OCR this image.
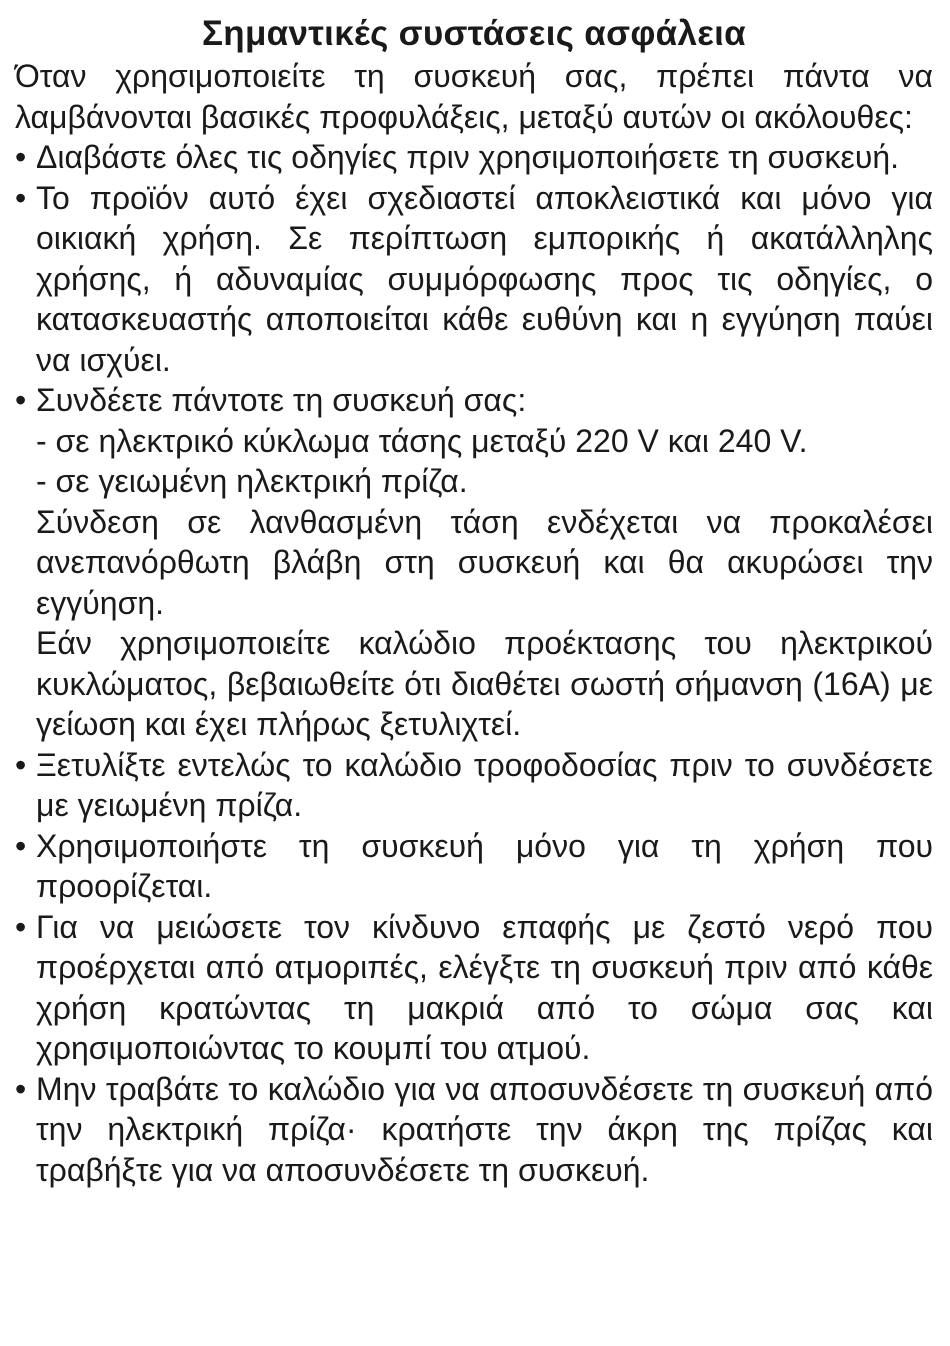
Σημαντικές συστάσεις ασφάλεια

Όταν χρησιμοποιείτε τη συσκευή σας, πρέπει πάντα να λαμβάνονται βασικές προφυλάξεις, μεταξύ αυτών οι ακόλουθες:

• Διαβάστε όλες τις οδηγίες πριν χρησιμοποιήσετε τη συσκευή.
• Το προϊόν αυτό έχει σχεδιαστεί αποκλειστικά και μόνο για οικιακή χρήση. Σε περίπτωση εμπορικής ή ακατάλληλης χρήσης, ή αδυναμίας συμμόρφωσης προς τις οδηγίες, ο κατασκευαστής αποποιείται κάθε ευθύνη και η εγγύηση παύει να ισχύει.
• Συνδέετε πάντοτε τη συσκευή σας:
- σε ηλεκτρικό κύκλωμα τάσης μεταξύ 220 V και 240 V.
- σε γειωμένη ηλεκτρική πρίζα.
Σύνδεση σε λανθασμένη τάση ενδέχεται να προκαλέσει ανεπανόρθωτη βλάβη στη συσκευή και θα ακυρώσει την εγγύηση.
Εάν χρησιμοποιείτε καλώδιο προέκτασης του ηλεκτρικού κυκλώματος, βεβαιωθείτε ότι διαθέτει σωστή σήμανση (16A) με γείωση και έχει πλήρως ξετυλιχτεί.
• Ξετυλίξτε εντελώς το καλώδιο τροφοδοσίας πριν το συνδέσετε με γειωμένη πρίζα.
• Χρησιμοποιήστε τη συσκευή μόνο για τη χρήση που προορίζεται.
• Για να μειώσετε τον κίνδυνο επαφής με ζεστό νερό που προέρχεται από ατμοριπές, ελέγξτε τη συσκευή πριν από κάθε χρήση κρατώντας τη μακριά από το σώμα σας και χρησιμοποιώντας το κουμπί του ατμού.
• Μην τραβάτε το καλώδιο για να αποσυνδέσετε τη συσκευή από την ηλεκτρική πρίζα· κρατήστε την άκρη της πρίζας και τραβήξτε για να αποσυνδέσετε τη συσκευή.
